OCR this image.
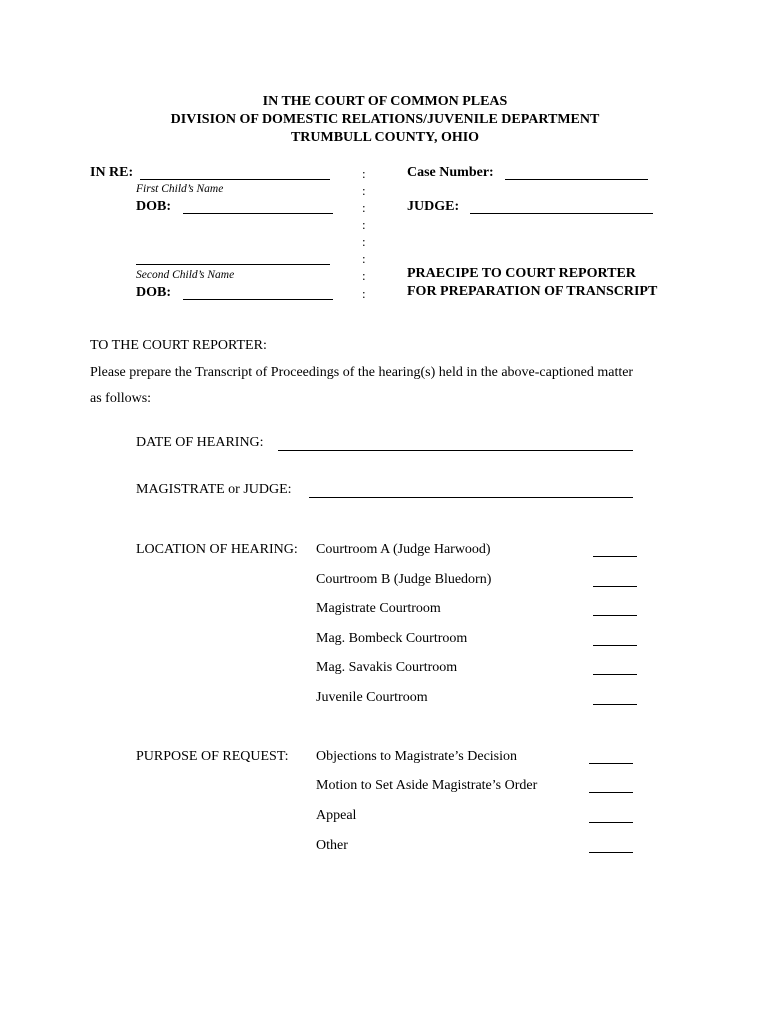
IN THE COURT OF COMMON PLEAS
DIVISION OF DOMESTIC RELATIONS/JUVENILE DEPARTMENT
TRUMBULL COUNTY, OHIO
IN RE:
First Child’s Name
DOB:
Second Child’s Name
DOB:
:
:
:
:
:
:
:
:
Case Number:
JUDGE:
PRAECIPE TO COURT REPORTER
FOR PREPARATION OF TRANSCRIPT
TO THE COURT REPORTER:
Please prepare the Transcript of Proceedings of the hearing(s) held in the above-captioned matter
as follows:
DATE OF HEARING:
MAGISTRATE or JUDGE:
LOCATION OF HEARING: Courtroom A (Judge Harwood)
Courtroom B (Judge Bluedorn)
Magistrate Courtroom
Mag. Bombeck Courtroom
Mag. Savakis Courtroom
Juvenile Courtroom
PURPOSE OF REQUEST: Objections to Magistrate’s Decision
Motion to Set Aside Magistrate’s Order
Appeal
Other
